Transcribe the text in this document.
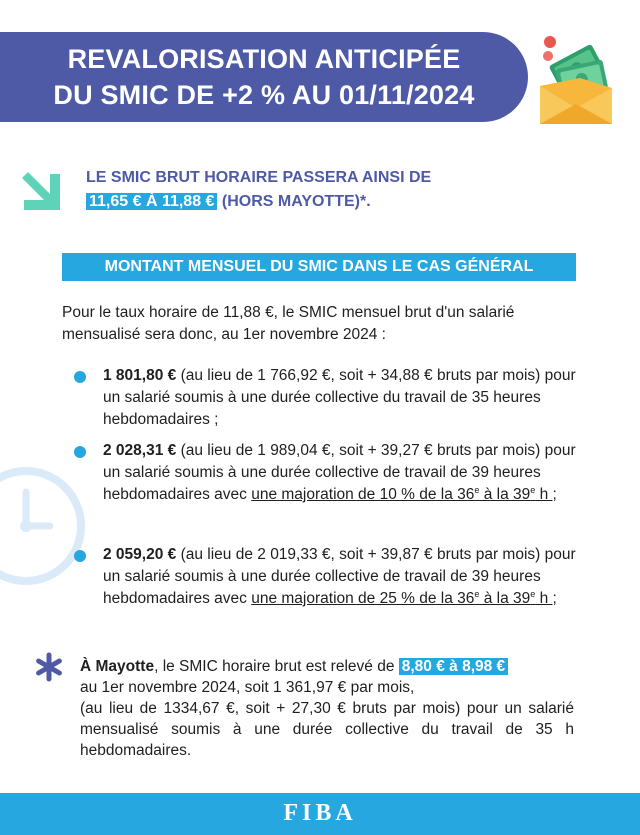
REVALORISATION ANTICIPÉE
DU SMIC DE +2 % AU 01/11/2024
LE SMIC BRUT HORAIRE PASSERA AINSI DE
11,65 € À 11,88 € (HORS MAYOTTE)*.
MONTANT MENSUEL DU SMIC DANS LE CAS GÉNÉRAL
Pour le taux horaire de 11,88 €, le SMIC mensuel brut d'un salarié mensualisé sera donc, au 1er novembre 2024 :
1 801,80 € (au lieu de 1 766,92 €, soit + 34,88 € bruts par mois) pour un salarié soumis à une durée collective du travail de 35 heures hebdomadaires ;
2 028,31 € (au lieu de 1 989,04 €, soit + 39,27 € bruts par mois) pour un salarié soumis à une durée collective de travail de 39 heures hebdomadaires avec une majoration de 10 % de la 36e à la 39e h ;
2 059,20 € (au lieu de 2 019,33 €, soit + 39,87 € bruts par mois) pour un salarié soumis à une durée collective de travail de 39 heures hebdomadaires avec une majoration de 25 % de la 36e à la 39e h ;
À Mayotte, le SMIC horaire brut est relevé de 8,80 € à 8,98 €
au 1er novembre 2024, soit 1 361,97 € par mois,
(au lieu de 1334,67 €, soit + 27,30 € bruts par mois) pour un salarié mensualisé soumis à une durée collective du travail de 35 h hebdomadaires.
FIBA
